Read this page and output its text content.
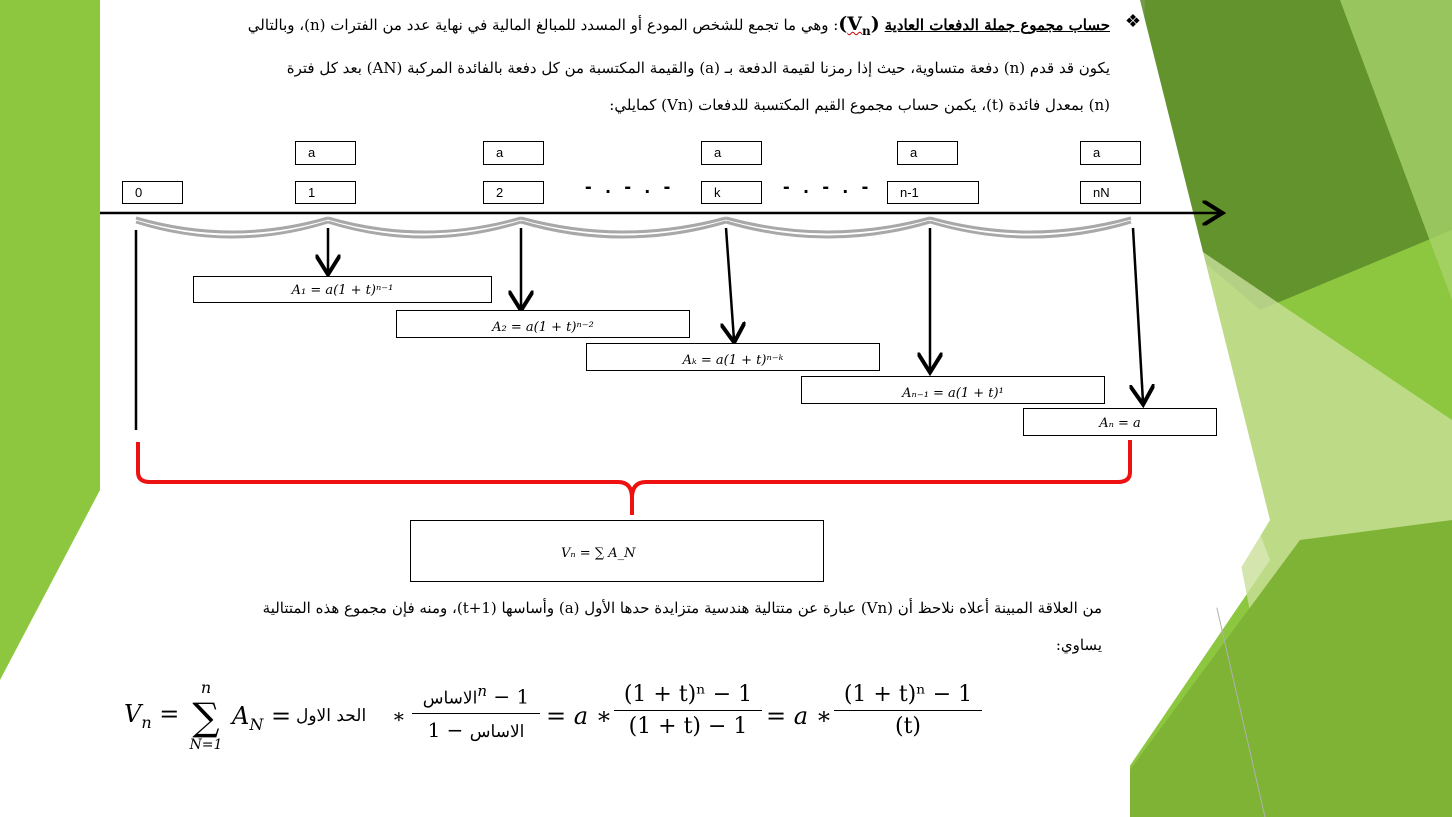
❖
حساب مجموع جملة الدفعات العادية $(V_n)$: وهي ما تجمع للشخص المودع أو المسدد للمبالغ المالية في نهاية عدد من الفترات (n)، وبالتالي
يكون قد قدم (n) دفعة متساوية، حيث إذا رمزنا لقيمة الدفعة بـ (a) والقيمة المكتسبة من كل دفعة بالفائدة المركبة (AN) بعد كل فترة
(n) بمعدل فائدة (t)، يكمن حساب مجموع القيم المكتسبة للدفعات (Vn) كمايلي:
a	a	a	a	a
0	1	2	k	n-1	nN
- . - . -	- . - . -
A₁ = a(1 + t)ⁿ⁻¹
A₂ = a(1 + t)ⁿ⁻²
Aₖ = a(1 + t)ⁿ⁻ᵏ
Aₙ₋₁ = a(1 + t)¹
Aₙ = a
Vₙ = ∑ A_N
من العلاقة المبينة أعلاه نلاحظ أن (Vn) عبارة عن متتالية هندسية متزايدة حدها الأول (a) وأساسها (1+t)، ومنه فإن مجموع هذه المتتالية
يساوي:
$V_n$ =
n
∑
N=1
$A_N$ = الحد الاول ∗
الاساس$^n$ − 1
الاساس − 1	= a ∗
(1 + t)ⁿ − 1
(1 + t) − 1 = a ∗
(1 + t)ⁿ − 1
(t)
